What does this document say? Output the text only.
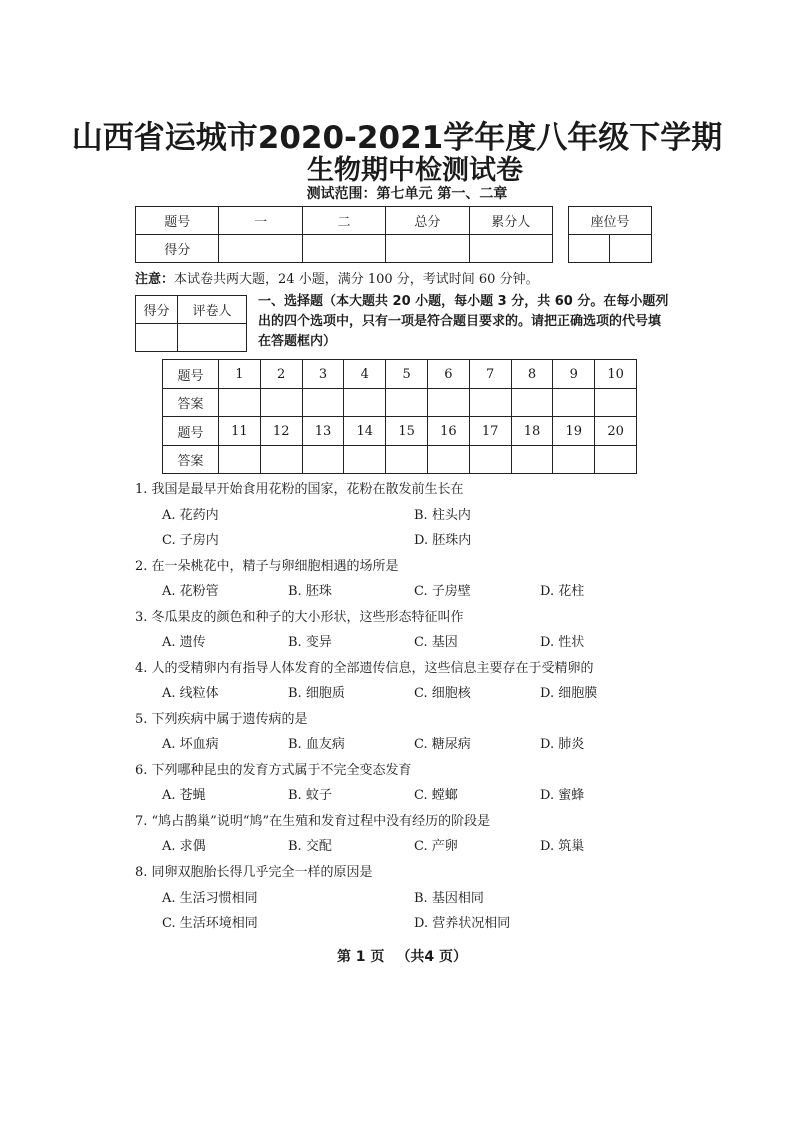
山西省运城市2020-2021学年度八年级下学期
生物期中检测试卷
测试范围：第七单元 第一、二章
题号	一	二	总分	累分人
得分				
座位号

注意：本试卷共两大题，24 小题，满分 100 分，考试时间 60 分钟。
得分	评卷人

一、选择题（本大题共 20 小题，每小题 3 分，共 60 分。在每小题列出的四个选项中，只有一项是符合题目要求的。请把正确选项的代号填在答题框内）
题号	1	2	3	4	5	6	7	8	9	10
答案										
题号	11	12	13	14	15	16	17	18	19	20
答案										
1. 我国是最早开始食用花粉的国家，花粉在散发前生长在
A. 花药内	B. 柱头内
C. 子房内	D. 胚珠内
2. 在一朵桃花中，精子与卵细胞相遇的场所是
A. 花粉管	B. 胚珠	C. 子房壁	D. 花柱
3. 冬瓜果皮的颜色和种子的大小形状，这些形态特征叫作
A. 遗传	B. 变异	C. 基因	D. 性状
4. 人的受精卵内有指导人体发育的全部遗传信息，这些信息主要存在于受精卵的
A. 线粒体	B. 细胞质	C. 细胞核	D. 细胞膜
5. 下列疾病中属于遗传病的是
A. 坏血病	B. 血友病	C. 糖尿病	D. 肺炎
6. 下列哪种昆虫的发育方式属于不完全变态发育
A. 苍蝇	B. 蚊子	C. 螳螂	D. 蜜蜂
7. “鸠占鹊巢”说明“鸠”在生殖和发育过程中没有经历的阶段是
A. 求偶	B. 交配	C. 产卵	D. 筑巢
8. 同卵双胞胎长得几乎完全一样的原因是
A. 生活习惯相同	B. 基因相同
C. 生活环境相同	D. 营养状况相同
第 1 页 （共4 页）
